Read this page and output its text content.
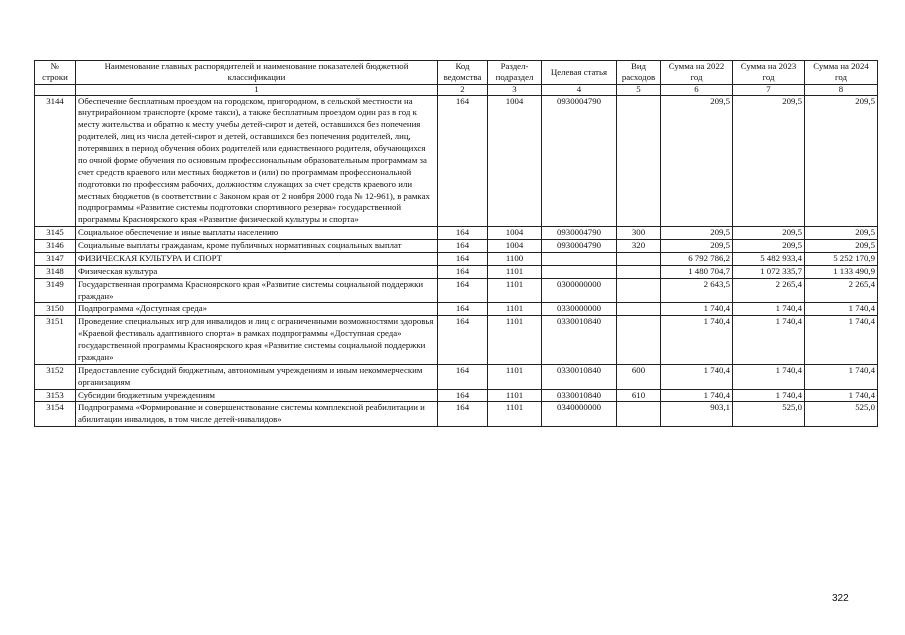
№ строки	Наименование главных распорядителей и наименование показателей бюджетной классификации	Код ведомства	Раздел-подраздел	Целевая статья	Вид расходов	Сумма на 2022 год	Сумма на 2023 год	Сумма на 2024 год
	1	2	3	4	5	6	7	8
3144	Обеспечение бесплатным проездом на городском, пригородном, в сельской местности на внутрирайонном транспорте (кроме такси), а также бесплатным проездом один раз в год к месту жительства и обратно к месту учебы детей-сирот и детей, оставшихся без попечения родителей, лиц из числа детей-сирот и детей, оставшихся без попечения родителей, лиц, потерявших в период обучения обоих родителей или единственного родителя, обучающихся по очной форме обучения по основным профессиональным образовательным программам за счет средств краевого или местных бюджетов и (или) по программам профессиональной подготовки по профессиям рабочих, должностям служащих за счет средств краевого или местных бюджетов (в соответствии с Законом края от 2 ноября 2000 года № 12-961), в рамках подпрограммы «Развитие системы подготовки спортивного резерва» государственной программы Красноярского края «Развитие физической культуры и спорта»	164	1004	0930004790		209,5	209,5	209,5
3145	Социальное обеспечение и иные выплаты населению	164	1004	0930004790	300	209,5	209,5	209,5
3146	Социальные выплаты гражданам, кроме публичных нормативных социальных выплат	164	1004	0930004790	320	209,5	209,5	209,5
3147	ФИЗИЧЕСКАЯ КУЛЬТУРА И СПОРТ	164	1100			6 792 786,2	5 482 933,4	5 252 170,9
3148	Физическая культура	164	1101			1 480 704,7	1 072 335,7	1 133 490,9
3149	Государственная программа Красноярского края «Развитие системы социальной поддержки граждан»	164	1101	0300000000		2 643,5	2 265,4	2 265,4
3150	Подпрограмма «Доступная среда»	164	1101	0330000000		1 740,4	1 740,4	1 740,4
3151	Проведение специальных игр для инвалидов и лиц с ограниченными возможностями здоровья «Краевой фестиваль адаптивного спорта» в рамках подпрограммы «Доступная среда» государственной программы Красноярского края «Развитие системы социальной поддержки граждан»	164	1101	0330010840		1 740,4	1 740,4	1 740,4
3152	Предоставление субсидий бюджетным, автономным учреждениям и иным некоммерческим организациям	164	1101	0330010840	600	1 740,4	1 740,4	1 740,4
3153	Субсидии бюджетным учреждениям	164	1101	0330010840	610	1 740,4	1 740,4	1 740,4
3154	Подпрограмма «Формирование и совершенствование системы комплексной реабилитации и абилитации инвалидов, в том числе детей-инвалидов»	164	1101	0340000000		903,1	525,0	525,0
322
